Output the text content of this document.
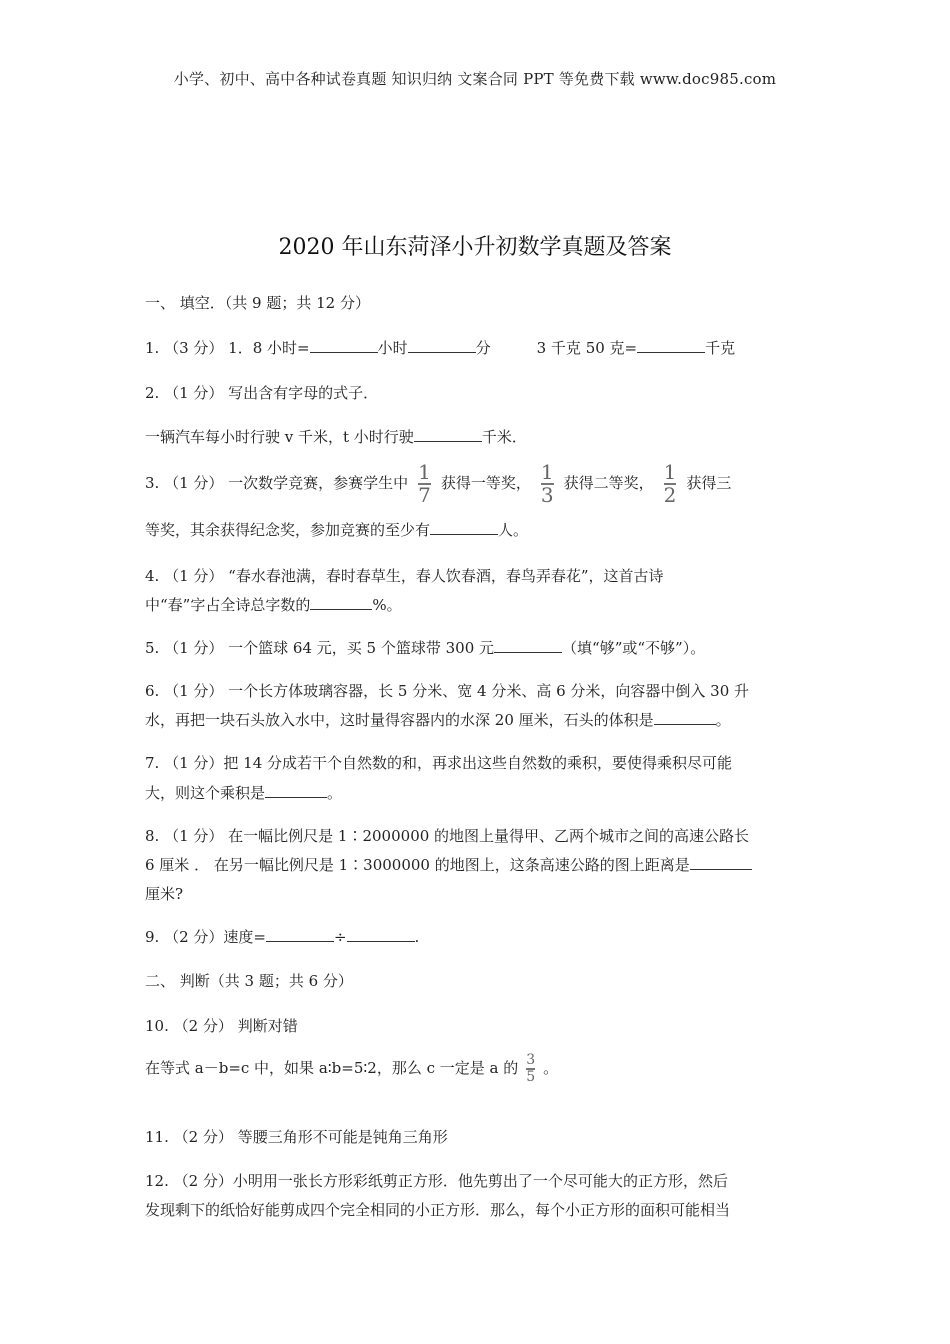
小学、初中、高中各种试卷真题 知识归纳 文案合同 PPT 等免费下载 www.doc985.com
2020 年山东菏泽小升初数学真题及答案
一、 填空．（共 9 题；共 12 分）
1. （3 分） 1．8 小时=	小时	分	3 千克 50 克=	千克
2. （1 分） 写出含有字母的式子．
一辆汽车每小时行驶 v 千米，t 小时行驶	千米．
3. （1 分） 一次数学竞赛，参赛学生中 $\frac{1}{7}$ 获得一等奖， $\frac{1}{3}$ 获得二等奖， $\frac{1}{2}$ 获得三
等奖，其余获得纪念奖，参加竞赛的至少有	人。
4. （1 分） “春水春池满，春时春草生，春人饮春酒，春鸟弄春花”，这首古诗
中“春”字占全诗总字数的	%。
5. （1 分） 一个篮球 64 元，买 5 个篮球带 300 元	（填“够”或“不够”）。
6. （1 分） 一个长方体玻璃容器，长 5 分米、宽 4 分米、高 6 分米，向容器中倒入 30 升
水，再把一块石头放入水中，这时量得容器内的水深 20 厘米，石头的体积是	。
7. （1 分）把 14 分成若干个自然数的和，再求出这些自然数的乘积，要使得乘积尽可能
大，则这个乘积是	。
8. （1 分） 在一幅比例尺是 1∶2000000 的地图上量得甲、乙两个城市之间的高速公路长
6 厘米 ． 在另一幅比例尺是 1∶3000000 的地图上，这条高速公路的图上距离是
厘米?
9. （2 分）速度=	÷	.
二、 判断（共 3 题；共 6 分）
10. （2 分） 判断对错
在等式 a－b=c 中，如果 a∶b=5∶2，那么 c 一定是 a 的 $\frac{3}{5}$ 。
11. （2 分） 等腰三角形不可能是钝角三角形
12. （2 分）小明用一张长方形彩纸剪正方形．他先剪出了一个尽可能大的正方形，然后
发现剩下的纸恰好能剪成四个完全相同的小正方形．那么，每个小正方形的面积可能相当
